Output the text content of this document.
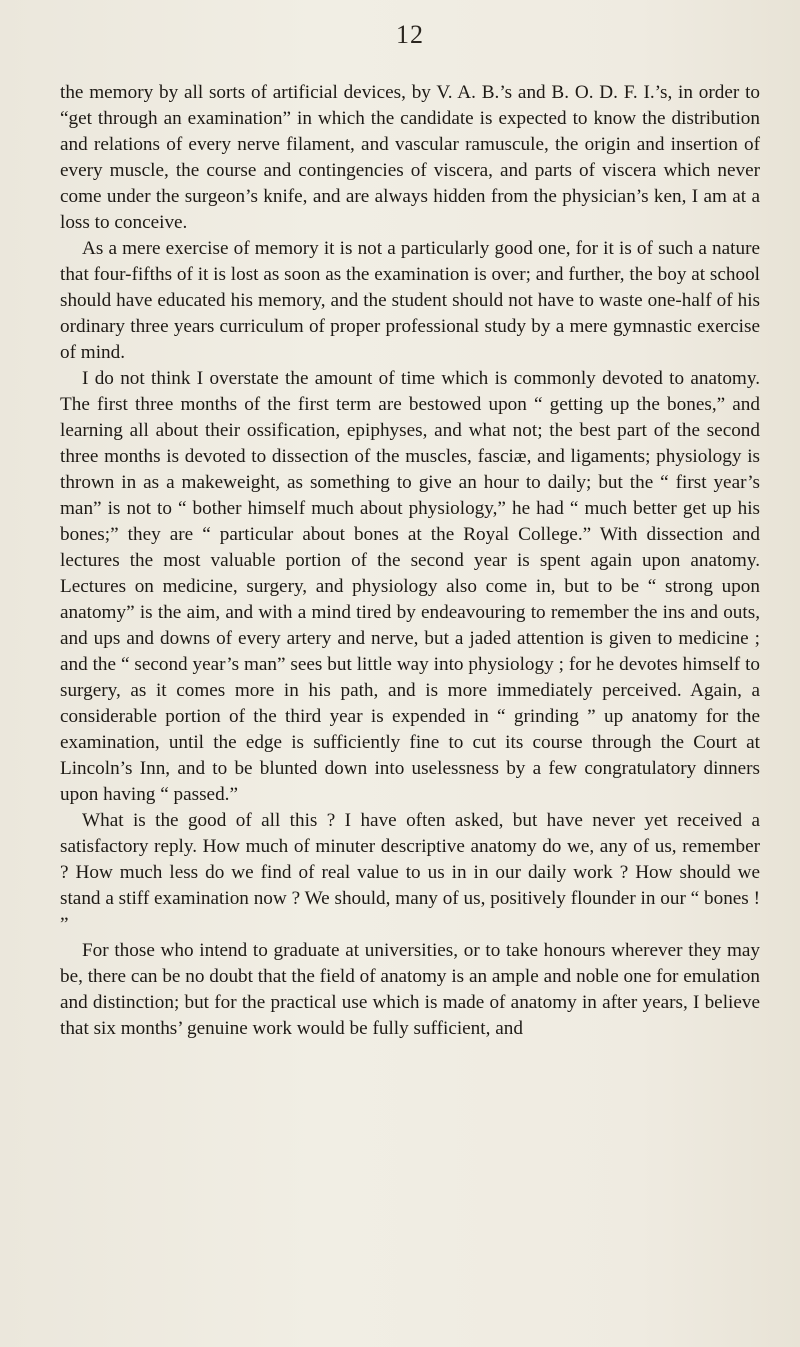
12

the memory by all sorts of artificial devices, by V. A. B.’s and B. O. D. F. I.’s, in order to “get through an examination” in which the candidate is expected to know the distribution and relations of every nerve filament, and vascular ramuscule, the origin and insertion of every muscle, the course and contingencies of viscera, and parts of viscera which never come under the surgeon’s knife, and are always hidden from the physician’s ken, I am at a loss to conceive.

As a mere exercise of memory it is not a particularly good one, for it is of such a nature that four-fifths of it is lost as soon as the examination is over; and further, the boy at school should have educated his memory, and the student should not have to waste one-half of his ordinary three years curriculum of proper professional study by a mere gymnastic exercise of mind.

I do not think I overstate the amount of time which is commonly devoted to anatomy. The first three months of the first term are bestowed upon “ getting up the bones,” and learning all about their ossification, epiphyses, and what not; the best part of the second three months is devoted to dissection of the muscles, fasciæ, and ligaments; physiology is thrown in as a makeweight, as something to give an hour to daily; but the “ first year’s man” is not to “ bother himself much about physiology,” he had “ much better get up his bones;” they are “ particular about bones at the Royal College.” With dissection and lectures the most valuable portion of the second year is spent again upon anatomy. Lectures on medicine, surgery, and physiology also come in, but to be “ strong upon anatomy” is the aim, and with a mind tired by endeavouring to remember the ins and outs, and ups and downs of every artery and nerve, but a jaded attention is given to medicine ; and the “ second year’s man” sees but little way into physiology ; for he devotes himself to surgery, as it comes more in his path, and is more immediately perceived. Again, a considerable portion of the third year is expended in “ grinding ” up anatomy for the examination, until the edge is sufficiently fine to cut its course through the Court at Lincoln’s Inn, and to be blunted down into uselessness by a few congratulatory dinners upon having “ passed.”

What is the good of all this ? I have often asked, but have never yet received a satisfactory reply. How much of minuter descriptive anatomy do we, any of us, remember ? How much less do we find of real value to us in in our daily work ? How should we stand a stiff examination now ? We should, many of us, positively flounder in our “ bones ! ”

For those who intend to graduate at universities, or to take honours wherever they may be, there can be no doubt that the field of anatomy is an ample and noble one for emulation and distinction; but for the practical use which is made of anatomy in after years, I believe that six months’ genuine work would be fully sufficient, and
